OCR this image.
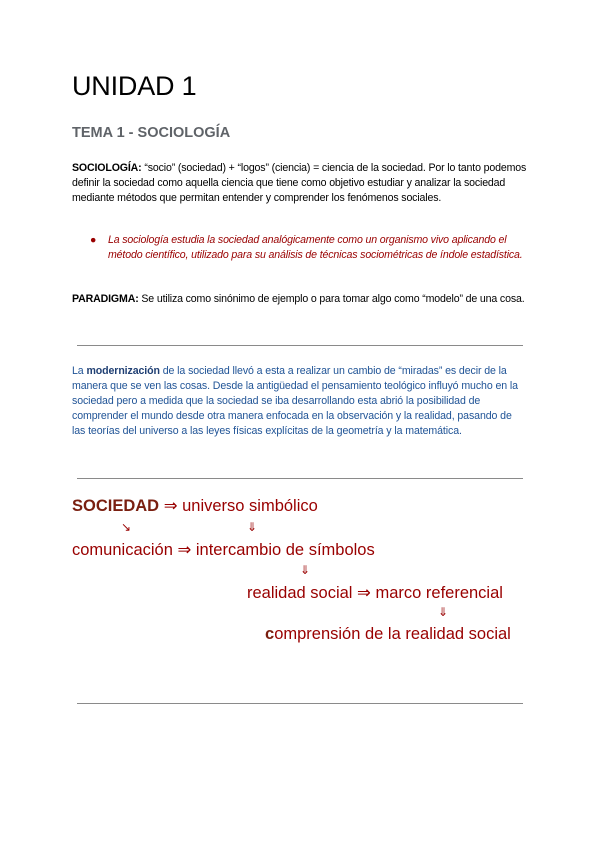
UNIDAD 1
TEMA 1 - SOCIOLOGÍA
SOCIOLOGÍA: “socio” (sociedad) + “logos” (ciencia) = ciencia de la sociedad. Por lo tanto podemos definir la sociedad como aquella ciencia que tiene como objetivo estudiar y analizar la sociedad mediante métodos que permitan entender y comprender los fenómenos sociales.
● La sociología estudia la sociedad analógicamente como un organismo vivo aplicando el método científico, utilizado para su análisis de técnicas sociométricas de índole estadística.
PARADIGMA: Se utiliza como sinónimo de ejemplo o para tomar algo como “modelo” de una cosa.
La modernización de la sociedad llevó a esta a realizar un cambio de “miradas” es decir de la manera que se ven las cosas. Desde la antigüedad el pensamiento teológico influyó mucho en la sociedad pero a medida que la sociedad se iba desarrollando esta abrió la posibilidad de comprender el mundo desde otra manera enfocada en la observación y la realidad, pasando de las teorías del universo a las leyes físicas explícitas de la geometría y la matemática.
SOCIEDAD ⇒ universo simbólico
↘	⇓
comunicación ⇒ intercambio de símbolos
⇓
realidad social ⇒ marco referencial
⇓
comprensión de la realidad social
